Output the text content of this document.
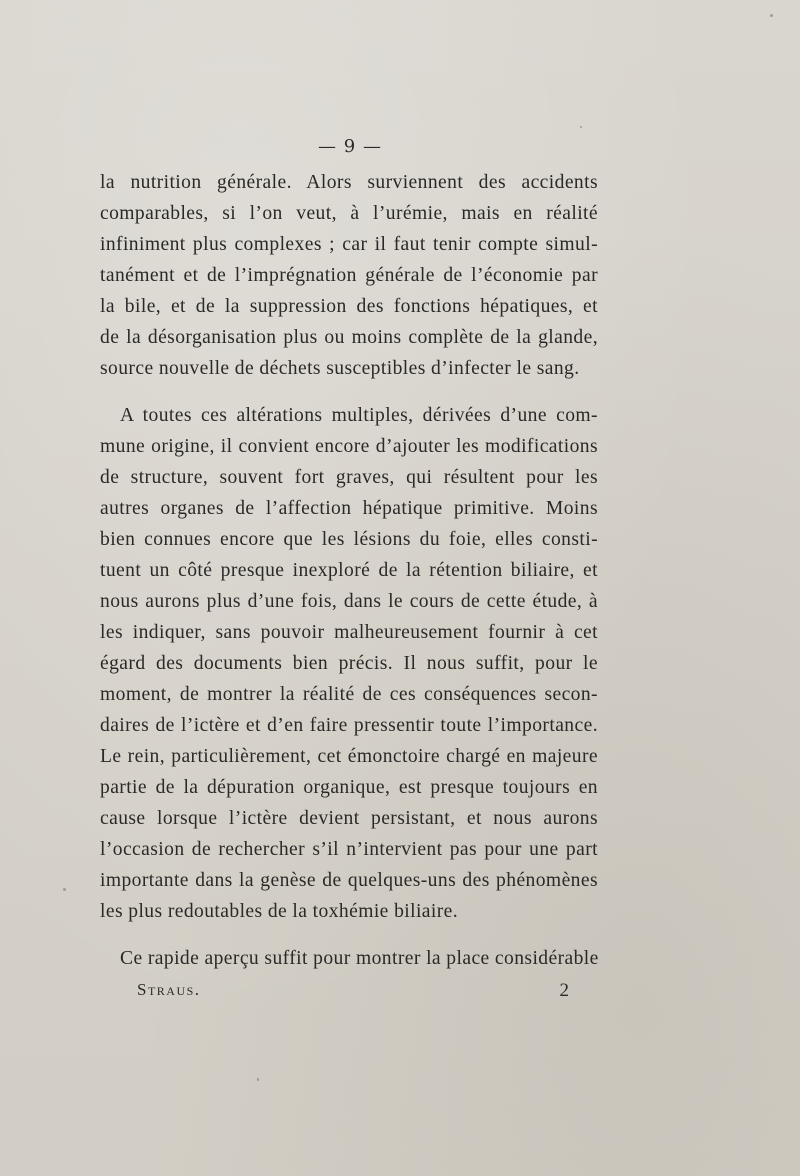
— 9 —
la nutrition générale. Alors surviennent des accidents
comparables, si l’on veut, à l’urémie, mais en réalité
infiniment plus complexes ; car il faut tenir compte simul-
tanément et de l’imprégnation générale de l’économie par
la bile, et de la suppression des fonctions hépatiques, et
de la désorganisation plus ou moins complète de la glande,
source nouvelle de déchets susceptibles d’infecter le sang.
A toutes ces altérations multiples, dérivées d’une com-
mune origine, il convient encore d’ajouter les modifications
de structure, souvent fort graves, qui résultent pour les
autres organes de l’affection hépatique primitive. Moins
bien connues encore que les lésions du foie, elles consti-
tuent un côté presque inexploré de la rétention biliaire, et
nous aurons plus d’une fois, dans le cours de cette étude, à
les indiquer, sans pouvoir malheureusement fournir à cet
égard des documents bien précis. Il nous suffit, pour le
moment, de montrer la réalité de ces conséquences secon-
daires de l’ictère et d’en faire pressentir toute l’importance.
Le rein, particulièrement, cet émonctoire chargé en majeure
partie de la dépuration organique, est presque toujours en
cause lorsque l’ictère devient persistant, et nous aurons
l’occasion de rechercher s’il n’intervient pas pour une part
importante dans la genèse de quelques-uns des phénomènes
les plus redoutables de la toxhémie biliaire.
Ce rapide aperçu suffit pour montrer la place considérable
Straus.	2
